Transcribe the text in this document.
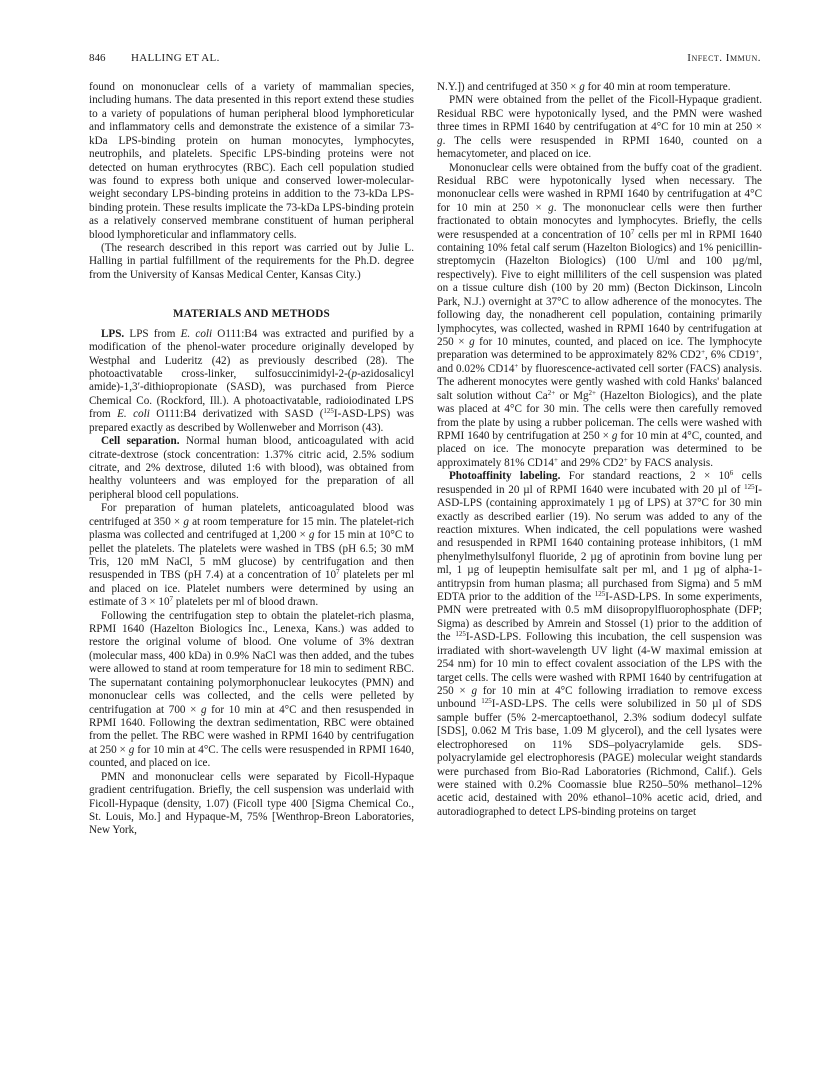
846 HALLING ET AL.	Infect. Immun.

found on mononuclear cells of a variety of mammalian species, including humans. The data presented in this report extend these studies to a variety of populations of human peripheral blood lymphoreticular and inflammatory cells and demonstrate the existence of a similar 73-kDa LPS-binding protein on human monocytes, lymphocytes, neutrophils, and platelets. Specific LPS-binding proteins were not detected on human erythrocytes (RBC). Each cell population studied was found to express both unique and conserved lower-molecular-weight secondary LPS-binding proteins in addition to the 73-kDa LPS-binding protein. These results implicate the 73-kDa LPS-binding protein as a relatively conserved membrane constituent of human peripheral blood lymphoreticular and inflammatory cells.

(The research described in this report was carried out by Julie L. Halling in partial fulfillment of the requirements for the Ph.D. degree from the University of Kansas Medical Center, Kansas City.)

MATERIALS AND METHODS

LPS. LPS from E. coli O111:B4 was extracted and purified by a modification of the phenol-water procedure originally developed by Westphal and Luderitz (42) as previously described (28). The photoactivatable cross-linker, sulfosuccinimidyl-2-(p-azidosalicyl amide)-1,3′-dithiopropionate (SASD), was purchased from Pierce Chemical Co. (Rockford, Ill.). A photoactivatable, radioiodinated LPS from E. coli O111:B4 derivatized with SASD ($^{125}$I-ASD-LPS) was prepared exactly as described by Wollenweber and Morrison (43).

Cell separation. Normal human blood, anticoagulated with acid citrate-dextrose (stock concentration: 1.37% citric acid, 2.5% sodium citrate, and 2% dextrose, diluted 1:6 with blood), was obtained from healthy volunteers and was employed for the preparation of all peripheral blood cell populations.

For preparation of human platelets, anticoagulated blood was centrifuged at 350 × g at room temperature for 15 min. The platelet-rich plasma was collected and centrifuged at 1,200 × g for 15 min at 10°C to pellet the platelets. The platelets were washed in TBS (pH 6.5; 30 mM Tris, 120 mM NaCl, 5 mM glucose) by centrifugation and then resuspended in TBS (pH 7.4) at a concentration of $10^7$ platelets per ml and placed on ice. Platelet numbers were determined by using an estimate of $3 \times 10^7$ platelets per ml of blood drawn.

Following the centrifugation step to obtain the platelet-rich plasma, RPMI 1640 (Hazelton Biologics Inc., Lenexa, Kans.) was added to restore the original volume of blood. One volume of 3% dextran (molecular mass, 400 kDa) in 0.9% NaCl was then added, and the tubes were allowed to stand at room temperature for 18 min to sediment RBC. The supernatant containing polymorphonuclear leukocytes (PMN) and mononuclear cells was collected, and the cells were pelleted by centrifugation at 700 × g for 10 min at 4°C and then resuspended in RPMI 1640. Following the dextran sedimentation, RBC were obtained from the pellet. The RBC were washed in RPMI 1640 by centrifugation at 250 × g for 10 min at 4°C. The cells were resuspended in RPMI 1640, counted, and placed on ice.

PMN and mononuclear cells were separated by Ficoll-Hypaque gradient centrifugation. Briefly, the cell suspension was underlaid with Ficoll-Hypaque (density, 1.07) (Ficoll type 400 [Sigma Chemical Co., St. Louis, Mo.] and Hypaque-M, 75% [Wenthrop-Breon Laboratories, New York,

N.Y.]) and centrifuged at 350 × g for 40 min at room temperature.

PMN were obtained from the pellet of the Ficoll-Hypaque gradient. Residual RBC were hypotonically lysed, and the PMN were washed three times in RPMI 1640 by centrifugation at 4°C for 10 min at 250 × g. The cells were resuspended in RPMI 1640, counted on a hemacytometer, and placed on ice.

Mononuclear cells were obtained from the buffy coat of the gradient. Residual RBC were hypotonically lysed when necessary. The mononuclear cells were washed in RPMI 1640 by centrifugation at 4°C for 10 min at 250 × g. The mononuclear cells were then further fractionated to obtain monocytes and lymphocytes. Briefly, the cells were resuspended at a concentration of $10^7$ cells per ml in RPMI 1640 containing 10% fetal calf serum (Hazelton Biologics) and 1% penicillin-streptomycin (Hazelton Biologics) (100 U/ml and 100 µg/ml, respectively). Five to eight milliliters of the cell suspension was plated on a tissue culture dish (100 by 20 mm) (Becton Dickinson, Lincoln Park, N.J.) overnight at 37°C to allow adherence of the monocytes. The following day, the nonadherent cell population, containing primarily lymphocytes, was collected, washed in RPMI 1640 by centrifugation at 250 × g for 10 minutes, counted, and placed on ice. The lymphocyte preparation was determined to be approximately 82% CD2+, 6% CD19+, and 0.02% CD14+ by fluorescence-activated cell sorter (FACS) analysis. The adherent monocytes were gently washed with cold Hanks' balanced salt solution without $Ca^{2+}$ or $Mg^{2+}$ (Hazelton Biologics), and the plate was placed at 4°C for 30 min. The cells were then carefully removed from the plate by using a rubber policeman. The cells were washed with RPMI 1640 by centrifugation at 250 × g for 10 min at 4°C, counted, and placed on ice. The monocyte preparation was determined to be approximately 81% CD14+ and 29% CD2+ by FACS analysis.

Photoaffinity labeling. For standard reactions, $2 \times 10^6$ cells resuspended in 20 µl of RPMI 1640 were incubated with 20 µl of $^{125}$I-ASD-LPS (containing approximately 1 µg of LPS) at 37°C for 30 min exactly as described earlier (19). No serum was added to any of the reaction mixtures. When indicated, the cell populations were washed and resuspended in RPMI 1640 containing protease inhibitors, (1 mM phenylmethylsulfonyl fluoride, 2 µg of aprotinin from bovine lung per ml, 1 µg of leupeptin hemisulfate salt per ml, and 1 µg of alpha-1-antitrypsin from human plasma; all purchased from Sigma) and 5 mM EDTA prior to the addition of the $^{125}$I-ASD-LPS. In some experiments, PMN were pretreated with 0.5 mM diisopropylfluorophosphate (DFP; Sigma) as described by Amrein and Stossel (1) prior to the addition of the $^{125}$I-ASD-LPS. Following this incubation, the cell suspension was irradiated with short-wavelength UV light (4-W maximal emission at 254 nm) for 10 min to effect covalent association of the LPS with the target cells. The cells were washed with RPMI 1640 by centrifugation at 250 × g for 10 min at 4°C following irradiation to remove excess unbound $^{125}$I-ASD-LPS. The cells were solubilized in 50 µl of SDS sample buffer (5% 2-mercaptoethanol, 2.3% sodium dodecyl sulfate [SDS], 0.062 M Tris base, 1.09 M glycerol), and the cell lysates were electrophoresed on 11% SDS–polyacrylamide gels. SDS-polyacrylamide gel electrophoresis (PAGE) molecular weight standards were purchased from Bio-Rad Laboratories (Richmond, Calif.). Gels were stained with 0.2% Coomassie blue R250–50% methanol–12% acetic acid, destained with 20% ethanol–10% acetic acid, dried, and autoradiographed to detect LPS-binding proteins on target
